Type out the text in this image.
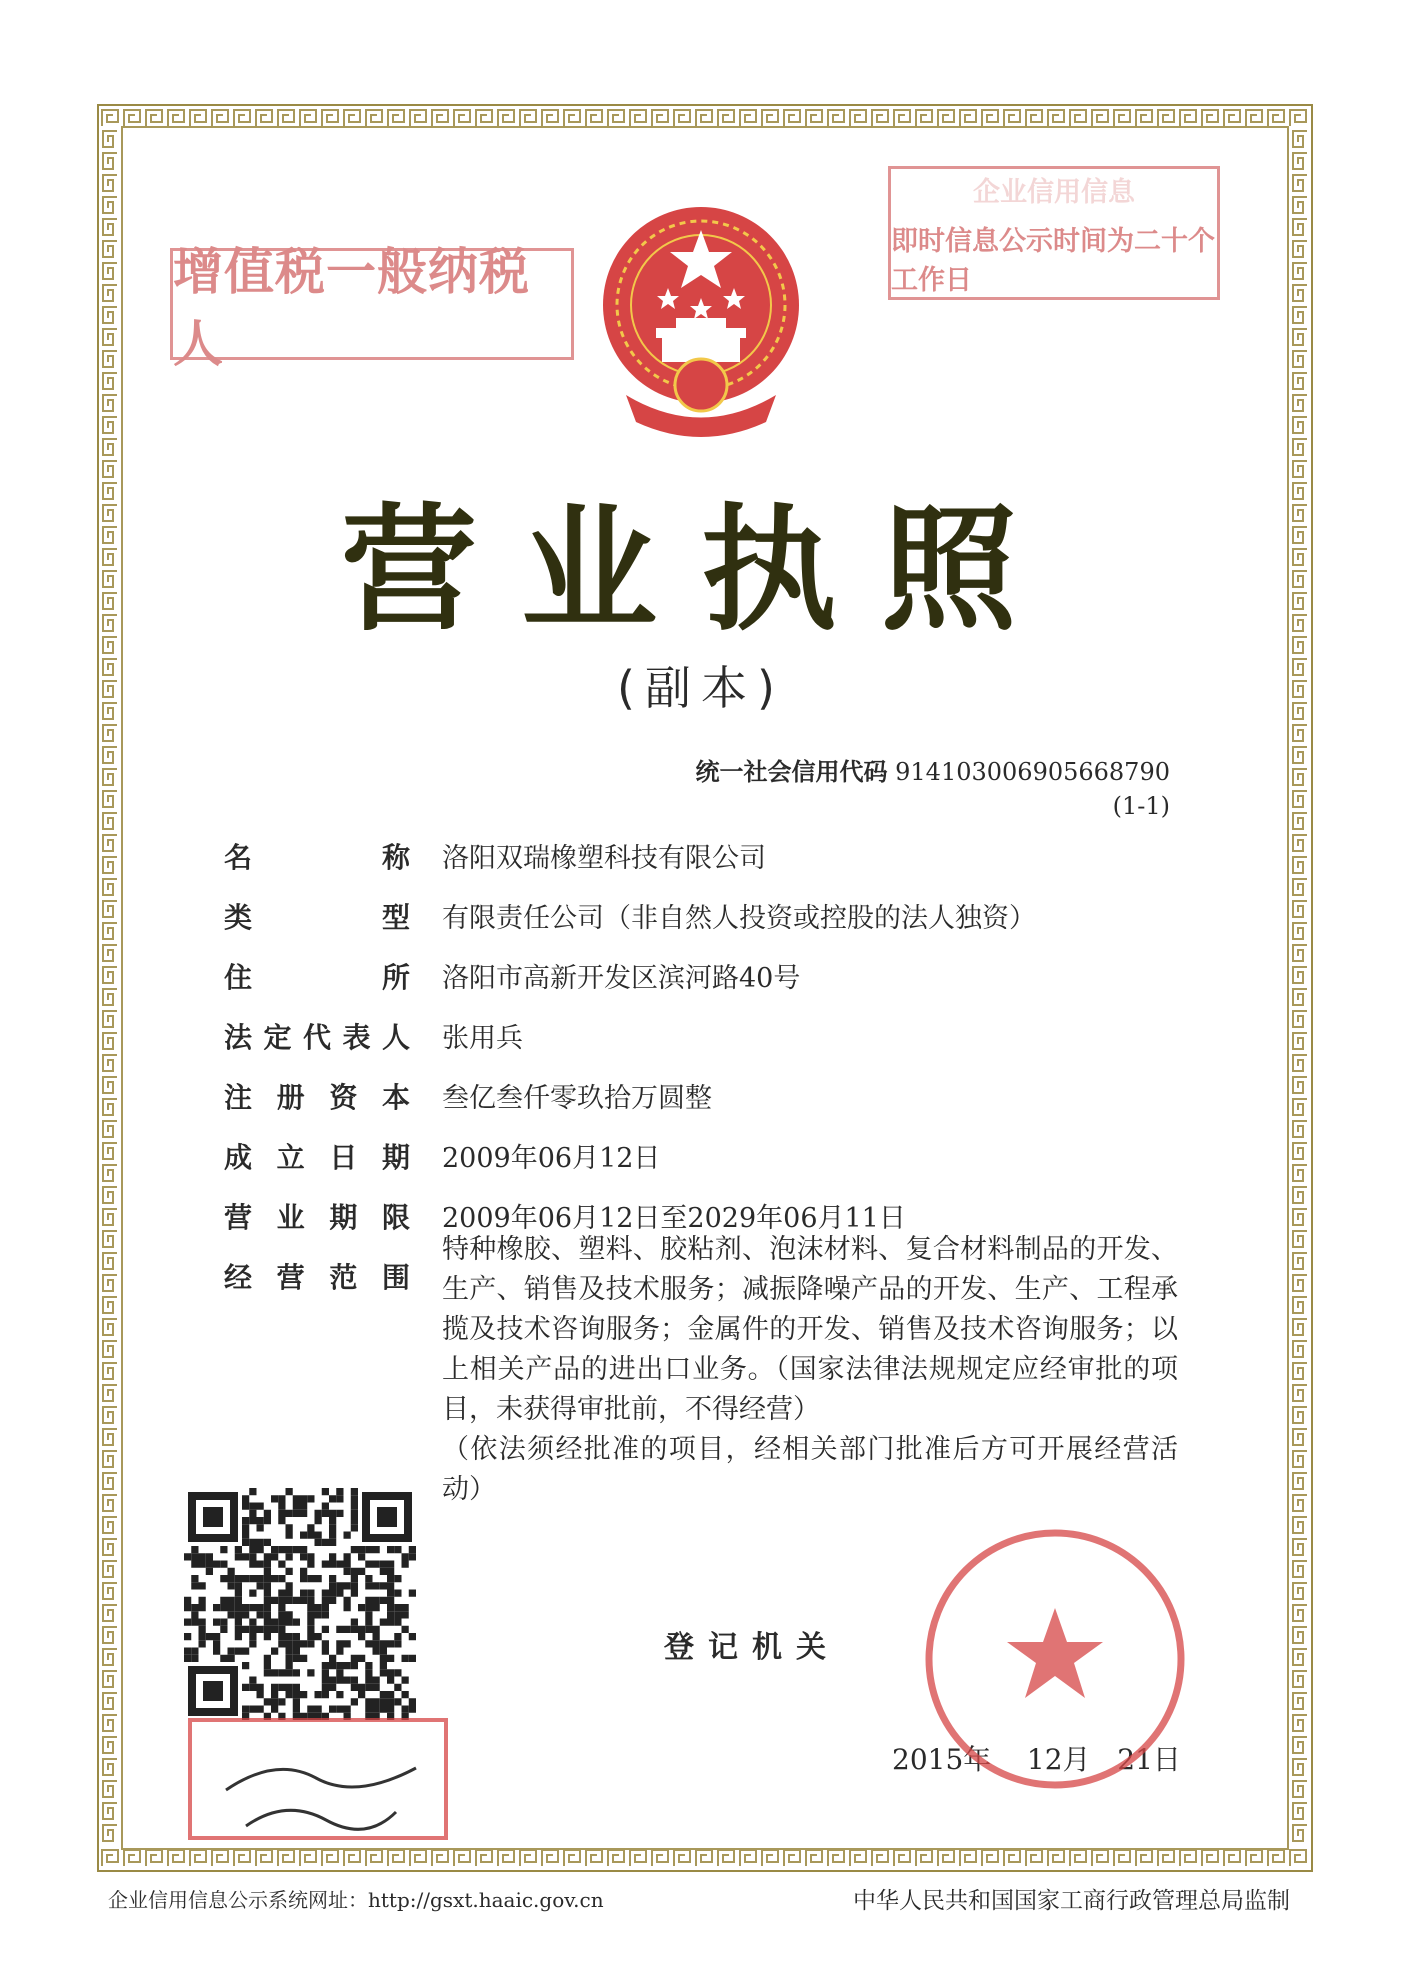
增值税一般纳税人
企业信用信息
即时信息公示时间为二十个工作日
营业执照
(副本)
统一社会信用代码 914103006905668790
(1-1)
名称 洛阳双瑞橡塑科技有限公司
类型 有限责任公司（非自然人投资或控股的法人独资）
住所 洛阳市高新开发区滨河路40号
法定代表人 张用兵
注册资本 叁亿叁仟零玖拾万圆整
成立日期 2009年06月12日
营业期限 2009年06月12日至2029年06月11日
经营范围

特种橡胶、塑料、胶粘剂、泡沫材料、复合材料制品的开发、生产、销售及技术服务；减振降噪产品的开发、生产、工程承揽及技术咨询服务；金属件的开发、销售及技术咨询服务；以上相关产品的进出口业务。（国家法律法规规定应经审批的项目，未获得审批前，不得经营）

（依法须经批准的项目，经相关部门批准后方可开展经营活动）

登记机关
2015年 12月 21日
企业信用信息公示系统网址：http://gsxt.haaic.gov.cn	中华人民共和国国家工商行政管理总局监制
